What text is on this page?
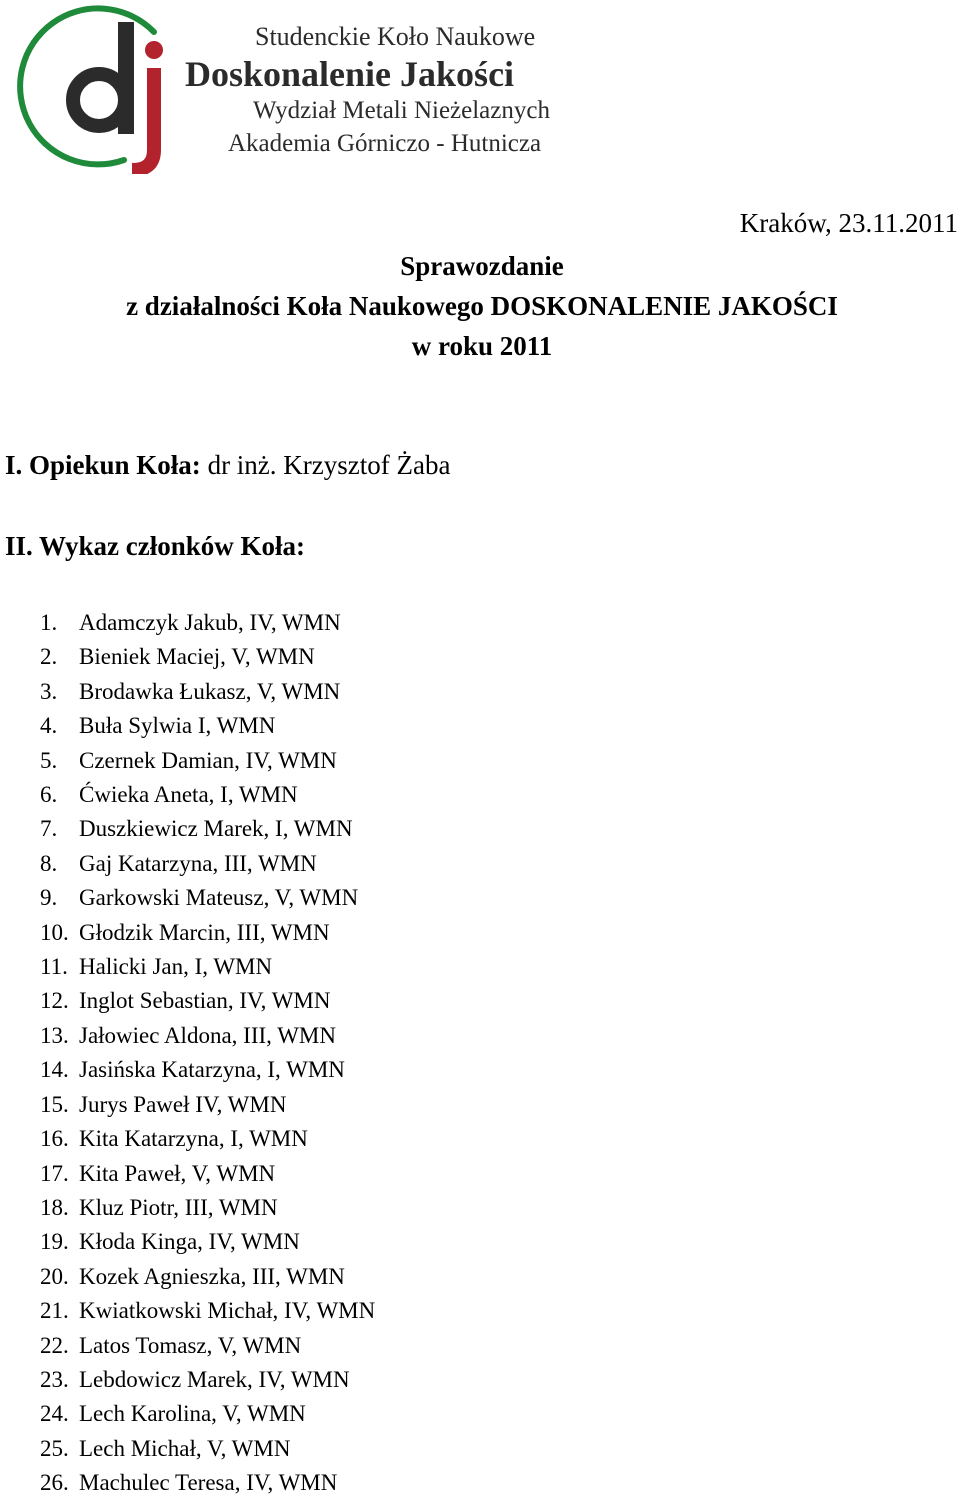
Studenckie Koło Naukowe
Doskonalenie Jakości
Wydział Metali Nieżelaznych
Akademia Górniczo - Hutnicza
Kraków, 23.11.2011
Sprawozdanie
z działalności Koła Naukowego DOSKONALENIE JAKOŚCI
w roku 2011
I. Opiekun Koła: dr inż. Krzysztof Żaba
II. Wykaz członków Koła:
1. Adamczyk Jakub, IV, WMN
2. Bieniek Maciej, V, WMN
3. Brodawka Łukasz, V, WMN
4. Buła Sylwia I, WMN
5. Czernek Damian, IV, WMN
6. Ćwieka Aneta, I, WMN
7. Duszkiewicz Marek, I, WMN
8. Gaj Katarzyna, III, WMN
9. Garkowski Mateusz, V, WMN
10. Głodzik Marcin, III, WMN
11. Halicki Jan, I, WMN
12. Inglot Sebastian, IV, WMN
13. Jałowiec Aldona, III, WMN
14. Jasińska Katarzyna, I, WMN
15. Jurys Paweł IV, WMN
16. Kita Katarzyna, I, WMN
17. Kita Paweł, V, WMN
18. Kluz Piotr, III, WMN
19. Kłoda Kinga, IV, WMN
20. Kozek Agnieszka, III, WMN
21. Kwiatkowski Michał, IV, WMN
22. Latos Tomasz, V, WMN
23. Lebdowicz Marek, IV, WMN
24. Lech Karolina, V, WMN
25. Lech Michał, V, WMN
26. Machulec Teresa, IV, WMN
